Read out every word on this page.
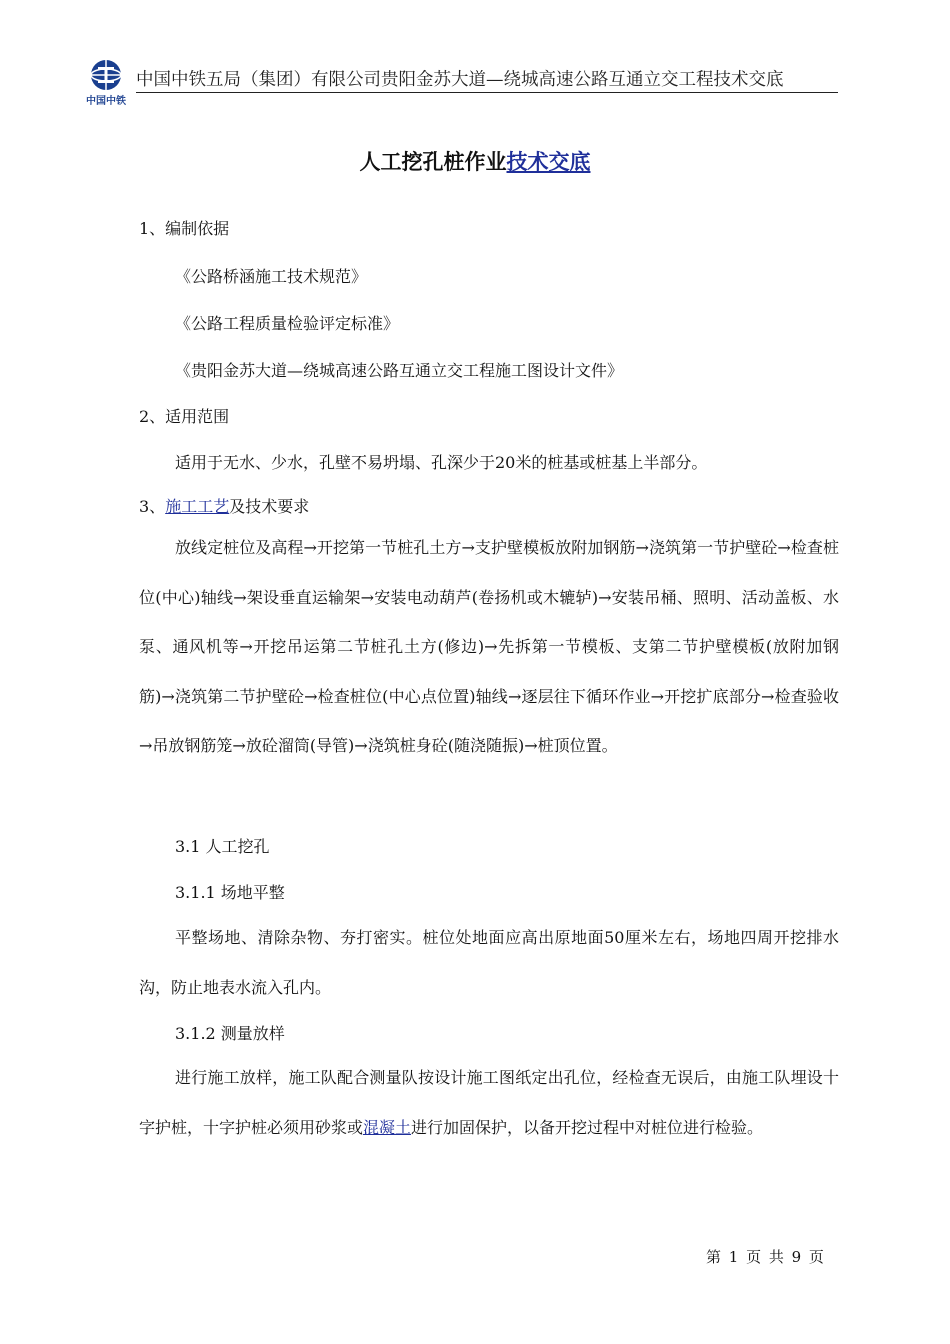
中国中铁
中国中铁五局（集团）有限公司贵阳金苏大道—绕城高速公路互通立交工程技术交底
人工挖孔桩作业技术交底
1、编制依据
《公路桥涵施工技术规范》
《公路工程质量检验评定标准》
《贵阳金苏大道—绕城高速公路互通立交工程施工图设计文件》
2、适用范围
适用于无水、少水，孔壁不易坍塌、孔深少于20米的桩基或桩基上半部分。
3、施工工艺及技术要求
放线定桩位及高程→开挖第一节桩孔土方→支护壁模板放附加钢筋→浇筑第一节护壁砼→检查桩位(中心)轴线→架设垂直运输架→安装电动葫芦(卷扬机或木辘轳)→安装吊桶、照明、活动盖板、水泵、通风机等→开挖吊运第二节桩孔土方(修边)→先拆第一节模板、支第二节护壁模板(放附加钢筋)→浇筑第二节护壁砼→检查桩位(中心点位置)轴线→逐层往下循环作业→开挖扩底部分→检查验收→吊放钢筋笼→放砼溜筒(导管)→浇筑桩身砼(随浇随振)→桩顶位置。
3.1 人工挖孔
3.1.1 场地平整
平整场地、清除杂物、夯打密实。桩位处地面应高出原地面50厘米左右，场地四周开挖排水沟，防止地表水流入孔内。
3.1.2 测量放样
进行施工放样，施工队配合测量队按设计施工图纸定出孔位，经检查无误后，由施工队埋设十字护桩，十字护桩必须用砂浆或混凝土进行加固保护，以备开挖过程中对桩位进行检验。
第 1 页 共 9 页
